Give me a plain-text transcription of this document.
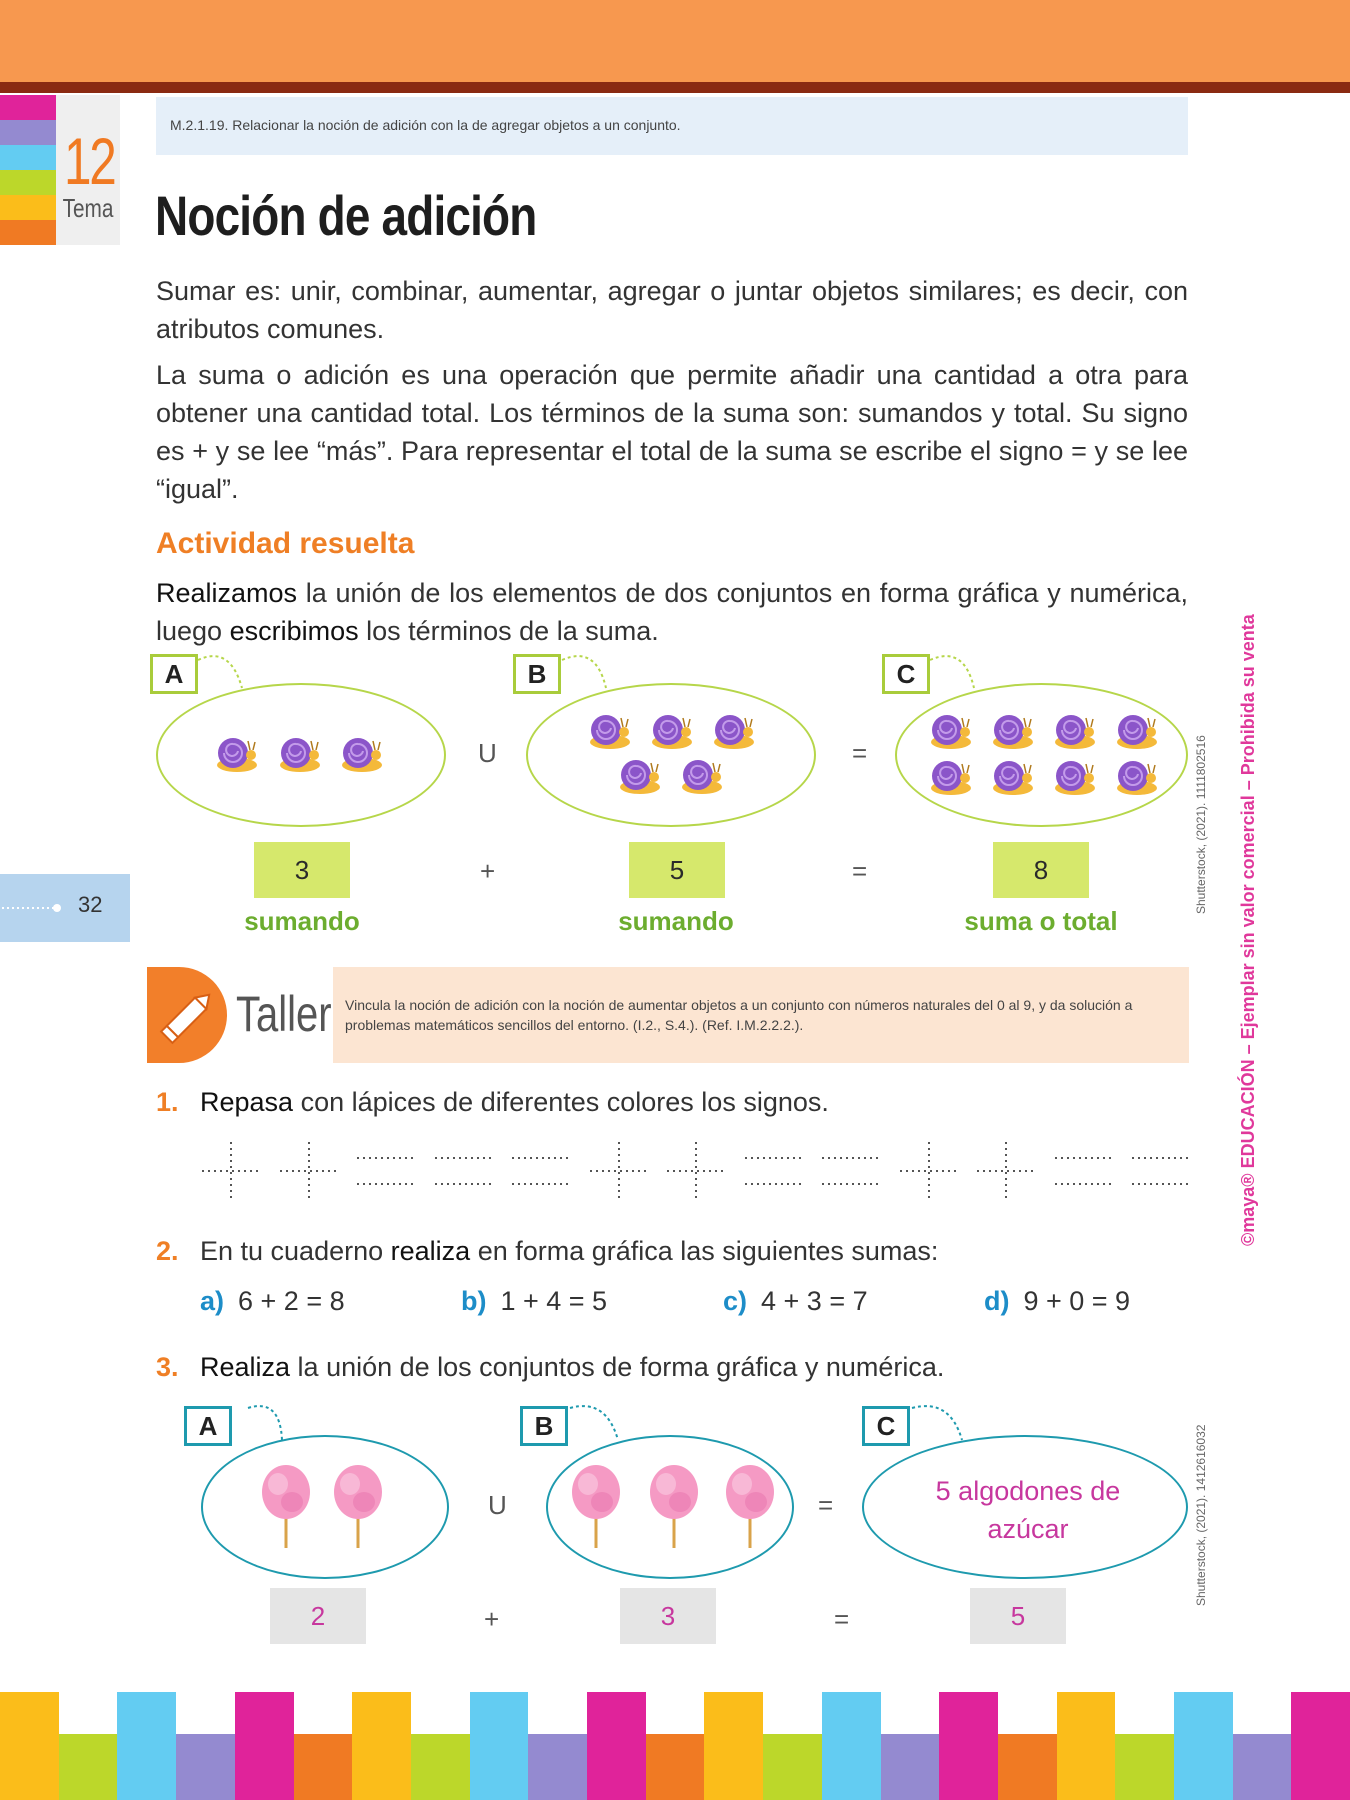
12
Tema
M.2.1.19. Relacionar la noción de adición con la de agregar objetos a un conjunto.
Noción de adición
Sumar es: unir, combinar, aumentar, agregar o juntar objetos similares; es decir, con atributos comunes.
La suma o adición es una operación que permite añadir una cantidad a otra para obtener una cantidad total. Los términos de la suma son: sumandos y total. Su signo es + y se lee “más”. Para representar el total de la suma se escribe el signo = y se lee “igual”.
Actividad resuelta
Realizamos la unión de los elementos de dos conjuntos en forma gráfica y numérica, luego escribimos los términos de la suma.
A	B	C
U	=
3	+	5	=	8
sumando	sumando	suma o total
32
Taller Vincula la noción de adición con la noción de aumentar objetos a un conjunto con números naturales del 0 al 9, y da solución a problemas matemáticos sencillos del entorno. (I.2., S.4.). (Ref. I.M.2.2.2.).
1. Repasa con lápices de diferentes colores los signos.
2. En tu cuaderno realiza en forma gráfica las siguientes sumas:
a) 6 + 2 = 8	b) 1 + 4 = 5	c) 4 + 3 = 7	d) 9 + 0 = 9
3. Realiza la unión de los conjuntos de forma gráfica y numérica.
A	B	C
U	=	5 algodones de azúcar
2	+	3	=	5
Shutterstock, (2021). 1111802516
Shutterstock, (2021). 1412616032
©maya® EDUCACIÓN – Ejemplar sin valor comercial – Prohibida su venta
